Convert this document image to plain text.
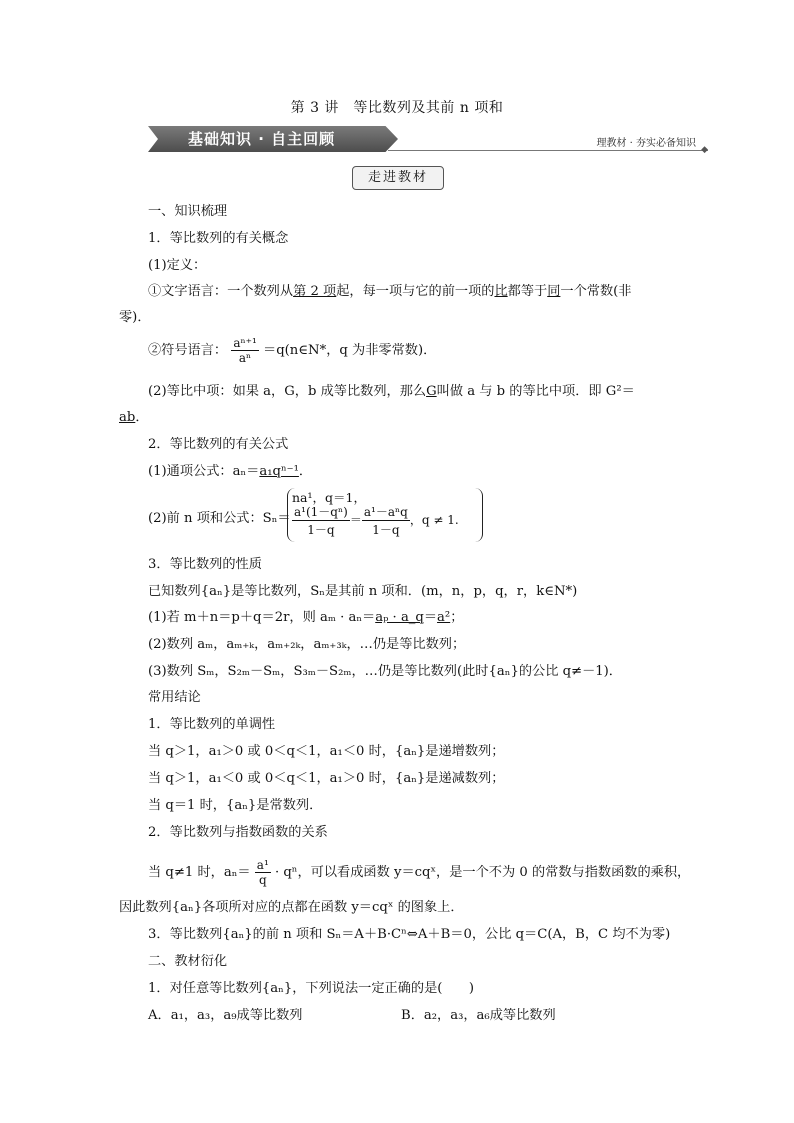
第 3 讲　等比数列及其前 n 项和
基础知识 · 自主回顾	理教材 · 夯实必备知识
◆
走进教材
一、知识梳理
1．等比数列的有关概念
(1)定义：
①文字语言：一个数列从第 2 项起，每一项与它的前一项的比都等于同一个常数(非
零)．
②符号语言： $\frac{\text{aⁿ⁺¹}}{\text{aⁿ}}$ ＝q(n∈N*，q 为非零常数)．
(2)等比中项：如果 a，G，b 成等比数列，那么G叫做 a 与 b 的等比中项．即 G²＝
ab．
2．等比数列的有关公式
(1)通项公式：aₙ＝a₁qⁿ⁻¹．
(2)前 n 项和公式：Sₙ＝
na¹，q＝1，
$\frac{\text{a¹(1－qⁿ)}}{1-q} = \frac{\text{a¹－aⁿq}}{1-q}$ ，q ≠ 1.
3．等比数列的性质
已知数列{aₙ}是等比数列，Sₙ是其前 n 项和．(m，n，p，q，r，k∈N*)
(1)若 m＋n＝p＋q＝2r，则 aₘ · aₙ＝aₚ · a_q＝a²；
(2)数列 aₘ，aₘ₊ₖ，aₘ₊₂ₖ，aₘ₊₃ₖ，…仍是等比数列；
(3)数列 Sₘ，S₂ₘ－Sₘ，S₃ₘ－S₂ₘ，…仍是等比数列(此时{aₙ}的公比 q≠－1)．
常用结论
1．等比数列的单调性
当 q＞1，a₁＞0 或 0＜q＜1，a₁＜0 时，{aₙ}是递增数列；
当 q＞1，a₁＜0 或 0＜q＜1，a₁＞0 时，{aₙ}是递减数列；
当 q＝1 时，{aₙ}是常数列．
2．等比数列与指数函数的关系
当 q≠1 时，$a_n= \frac{\text{a¹}}{q} \cdot q^n$，可以看成函数 y＝cqˣ，是一个不为 0 的常数与指数函数的乘积，
因此数列{aₙ}各项所对应的点都在函数 y＝cqˣ 的图象上．
3．等比数列{aₙ}的前 n 项和 Sₙ＝A＋B·Cⁿ⇔A＋B＝0，公比 q＝C(A，B，C 均不为零)
二、教材衍化
1．对任意等比数列{aₙ}，下列说法一定正确的是(　　)
A．a₁，a₃，a₉成等比数列	B．a₂，a₃，a₆成等比数列
